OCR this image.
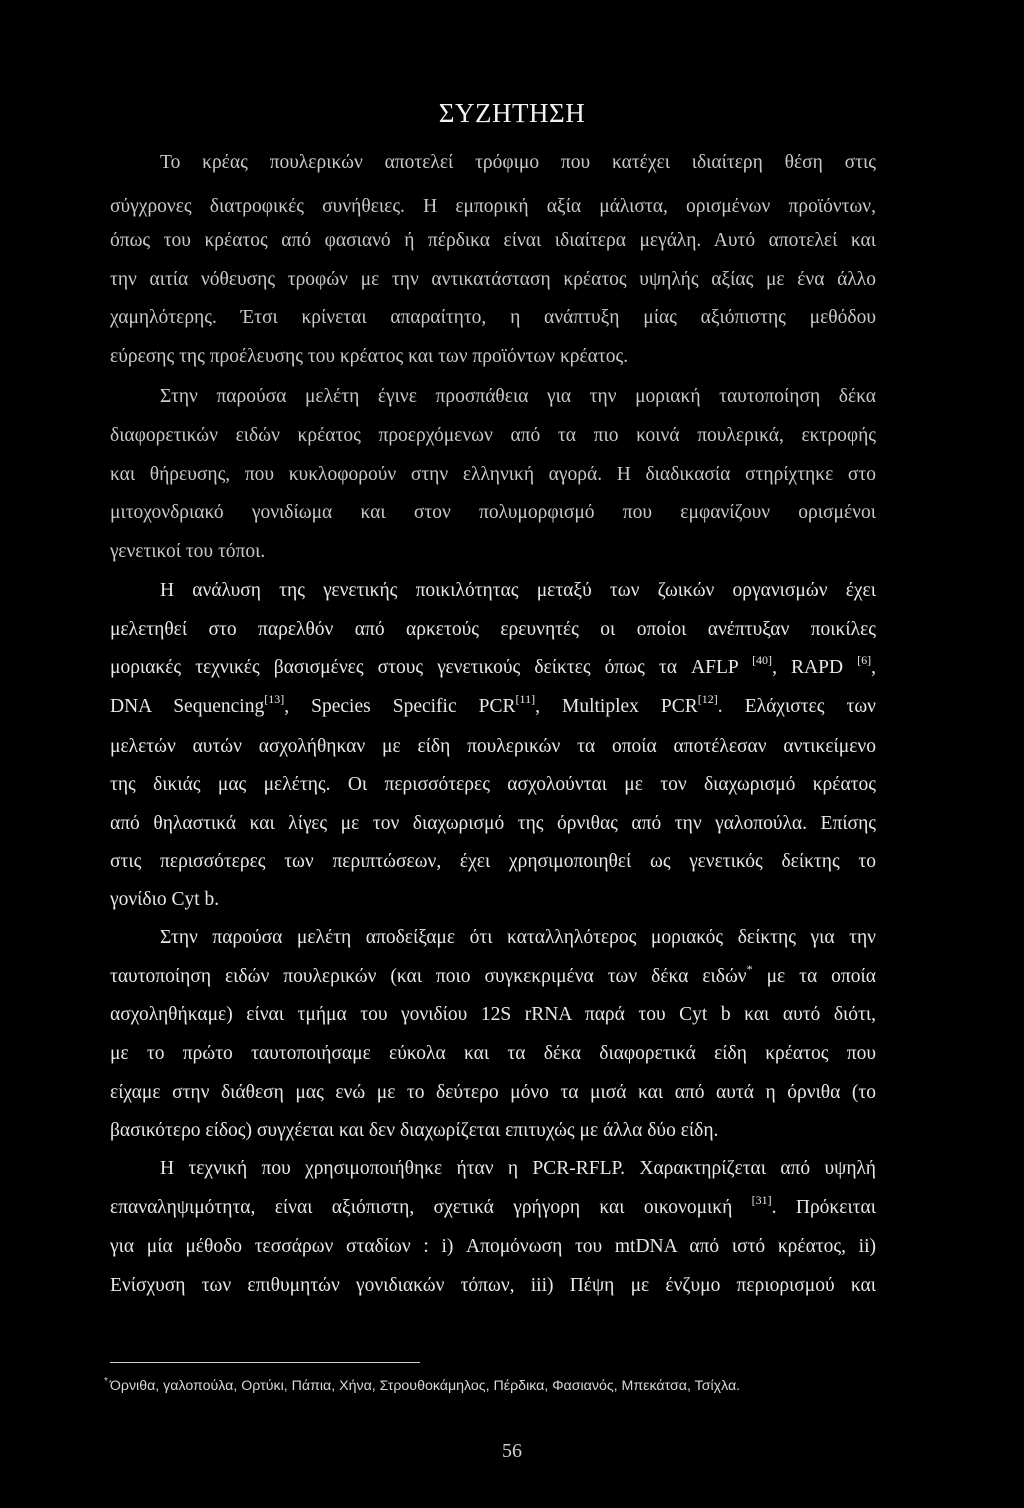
ΣΥΖΗΤΗΣΗ
Το κρέας πουλερικών αποτελεί τρόφιμο που κατέχει ιδιαίτερη θέση στις
σύγχρονες διατροφικές συνήθειες. Η εμπορική αξία μάλιστα, ορισμένων προϊόντων,
όπως του κρέατος από φασιανό ή πέρδικα είναι ιδιαίτερα μεγάλη. Αυτό αποτελεί και
την αιτία νόθευσης τροφών με την αντικατάσταση κρέατος υψηλής αξίας με ένα άλλο
χαμηλότερης. Έτσι κρίνεται απαραίτητο, η ανάπτυξη μίας αξιόπιστης μεθόδου
εύρεσης της προέλευσης του κρέατος και των προϊόντων κρέατος.
Στην παρούσα μελέτη έγινε προσπάθεια για την μοριακή ταυτοποίηση δέκα
διαφορετικών ειδών κρέατος προερχόμενων από τα πιο κοινά πουλερικά, εκτροφής
και θήρευσης, που κυκλοφορούν στην ελληνική αγορά. Η διαδικασία στηρίχτηκε στο
μιτοχονδριακό γονιδίωμα και στον πολυμορφισμό που εμφανίζουν ορισμένοι
γενετικοί του τόποι.
Η ανάλυση της γενετικής ποικιλότητας μεταξύ των ζωικών οργανισμών έχει
μελετηθεί στο παρελθόν από αρκετούς ερευνητές οι οποίοι ανέπτυξαν ποικίλες
μοριακές τεχνικές βασισμένες στους γενετικούς δείκτες όπως τα AFLP [40], RAPD [6],
DNA Sequencing[13], Species Specific PCR[11], Multiplex PCR[12]. Ελάχιστες των
μελετών αυτών ασχολήθηκαν με είδη πουλερικών τα οποία αποτέλεσαν αντικείμενο
της δικιάς μας μελέτης. Οι περισσότερες ασχολούνται με τον διαχωρισμό κρέατος
από θηλαστικά και λίγες με τον διαχωρισμό της όρνιθας από την γαλοπούλα. Επίσης
στις περισσότερες των περιπτώσεων, έχει χρησιμοποιηθεί ως γενετικός δείκτης το
γονίδιο Cyt b.
Στην παρούσα μελέτη αποδείξαμε ότι καταλληλότερος μοριακός δείκτης για την
ταυτοποίηση ειδών πουλερικών (και ποιο συγκεκριμένα των δέκα ειδών* με τα οποία
ασχοληθήκαμε) είναι τμήμα του γονιδίου 12S rRNA παρά του Cyt b και αυτό διότι,
με το πρώτο ταυτοποιήσαμε εύκολα και τα δέκα διαφορετικά είδη κρέατος που
είχαμε στην διάθεση μας ενώ με το δεύτερο μόνο τα μισά και από αυτά η όρνιθα (το
βασικότερο είδος) συγχέεται και δεν διαχωρίζεται επιτυχώς με άλλα δύο είδη.
Η τεχνική που χρησιμοποιήθηκε ήταν η PCR-RFLP. Χαρακτηρίζεται από υψηλή
επαναληψιμότητα, είναι αξιόπιστη, σχετικά γρήγορη και οικονομική [31]. Πρόκειται
για μία μέθοδο τεσσάρων σταδίων : i) Απομόνωση του mtDNA από ιστό κρέατος, ii)
Ενίσχυση των επιθυμητών γονιδιακών τόπων, iii) Πέψη με ένζυμο περιορισμού και
* Όρνιθα, γαλοπούλα, Ορτύκι, Πάπια, Χήνα, Στρουθοκάμηλος, Πέρδικα, Φασιανός, Μπεκάτσα, Τσίχλα.
56
